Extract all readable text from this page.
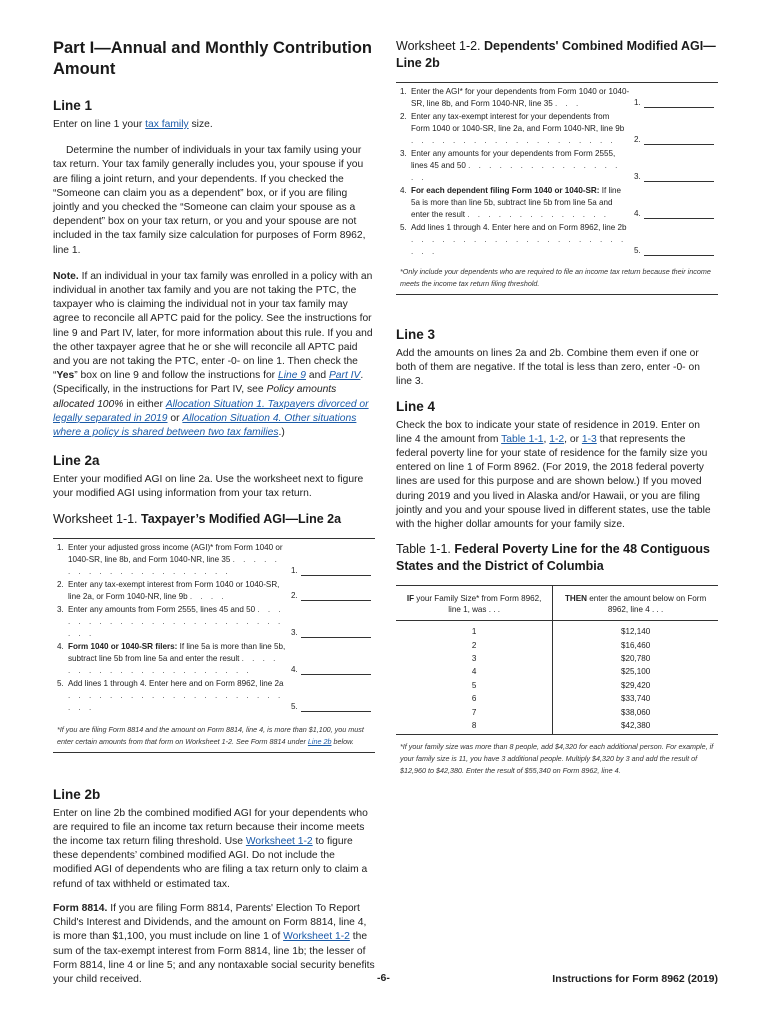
Part I—Annual and Monthly Contribution Amount
Line 1

Enter on line 1 your tax family size.

Determine the number of individuals in your tax family using your tax return. Your tax family generally includes you, your spouse if you are filing a joint return, and your dependents. If you checked the “Someone can claim you as a dependent” box, or if you are filing jointly and you checked the “Someone can claim your spouse as a dependent” box on your tax return, or you and your spouse are not included in the tax family size calculation for purposes of Form 8962, line 1.

Note. If an individual in your tax family was enrolled in a policy with an individual in another tax family and you are not taking the PTC, the taxpayer who is claiming the individual not in your tax family may agree to reconcile all APTC paid for the policy. See the instructions for line 9 and Part IV, later, for more information about this rule. If you and the other taxpayer agree that he or she will reconcile all APTC paid and you are not taking the PTC, enter -0- on line 1. Then check the “Yes” box on line 9 and follow the instructions for Line 9 and Part IV. (Specifically, in the instructions for Part IV, see Policy amounts allocated 100% in either Allocation Situation 1. Taxpayers divorced or legally separated in 2019 or Allocation Situation 4. Other situations where a policy is shared between two tax families.)

Line 2a

Enter your modified AGI on line 2a. Use the worksheet next to figure your modified AGI using information from your tax return.

Worksheet 1-1. Taxpayer’s Modified AGI—Line 2a
1. Enter your adjusted gross income (AGI)* from Form 1040 or 1040-SR, line 8b, and Form 1040-NR, line 35 . . . . . . . . . . . . . . . . . . . . .	1.
2. Enter any tax-exempt interest from Form 1040 or 1040-SR, line 2a, or Form 1040-NR, line 9b . . . .	2.
3. Enter any amounts from Form 2555, lines 45 and 50 . . . . . . . . . . . . . . . . . . . . . . . . . . .	3.
4. Form 1040 or 1040-SR filers: If line 5a is more than line 5b, subtract line 5b from line 5a and enter the result . . . . . . . . . . . . . . . . . . . . . .	4.
5. Add lines 1 through 4. Enter here and on Form 8962, line 2a . . . . . . . . . . . . . . . . . . . . . . . .	5.
*If you are filing Form 8814 and the amount on Form 8814, line 4, is more than $1,100, you must enter certain amounts from that form on Worksheet 1-2. See Form 8814 under Line 2b below.
Line 2b

Enter on line 2b the combined modified AGI for your dependents who are required to file an income tax return because their income meets the income tax return filing threshold. Use Worksheet 1-2 to figure these dependents’ combined modified AGI. Do not include the modified AGI of dependents who are filing a tax return only to claim a refund of tax withheld or estimated tax.

Form 8814. If you are filing Form 8814, Parents' Election To Report Child's Interest and Dividends, and the amount on Form 8814, line 4, is more than $1,100, you must include on line 1 of Worksheet 1-2 the sum of the tax-exempt interest from Form 8814, line 1b; the lesser of Form 8814, line 4 or line 5; and any nontaxable social security benefits your child received.

Worksheet 1-2. Dependents' Combined Modified AGI—Line 2b
1. Enter the AGI* for your dependents from Form 1040 or 1040-SR, line 8b, and Form 1040-NR, line 35 . . .	1.
2. Enter any tax-exempt interest for your dependents from Form 1040 or 1040-SR, line 2a, and Form 1040-NR, line 9b . . . . . . . . . . . . . . . . . . . . 2.
3. Enter any amounts for your dependents from Form 2555, lines 45 and 50 . . . . . . . . . . . . . . . . .	3.
4. For each dependent filing Form 1040 or 1040-SR: If line 5a is more than line 5b, subtract line 5b from line 5a and enter the result . . . . . . . . . . . . . .	4.
5. Add lines 1 through 4. Enter here and on Form 8962, line 2b . . . . . . . . . . . . . . . . . . . . . . . .	5.
*Only include your dependents who are required to file an income tax return because their income meets the income tax return filing threshold.
Line 3

Add the amounts on lines 2a and 2b. Combine them even if one or both of them are negative. If the total is less than zero, enter -0- on line 3.

Line 4

Check the box to indicate your state of residence in 2019. Enter on line 4 the amount from Table 1-1, 1-2, or 1-3 that represents the federal poverty line for your state of residence for the family size you entered on line 1 of Form 8962. (For 2019, the 2018 federal poverty lines are used for this purpose and are shown below.) If you moved during 2019 and you lived in Alaska and/or Hawaii, or you are filing jointly and you and your spouse lived in different states, use the table with the higher dollar amounts for your family size.

Table 1-1. Federal Poverty Line for the 48 Contiguous States and the District of Columbia
IF your Family Size* from Form 8962, line 1, was . . .	THEN enter the amount below on Form 8962, line 4 . . .
1	$12,140
2	$16,460
3	$20,780
4	$25,100
5	$29,420
6	$33,740
7	$38,060
8	$42,380
*If your family size was more than 8 people, add $4,320 for each additional person. For example, if your family size is 11, you have 3 additional people. Multiply $4,320 by 3 and add the result of $12,960 to $42,380. Enter the result of $55,340 on Form 8962, line 4.
-6-	Instructions for Form 8962 (2019)
